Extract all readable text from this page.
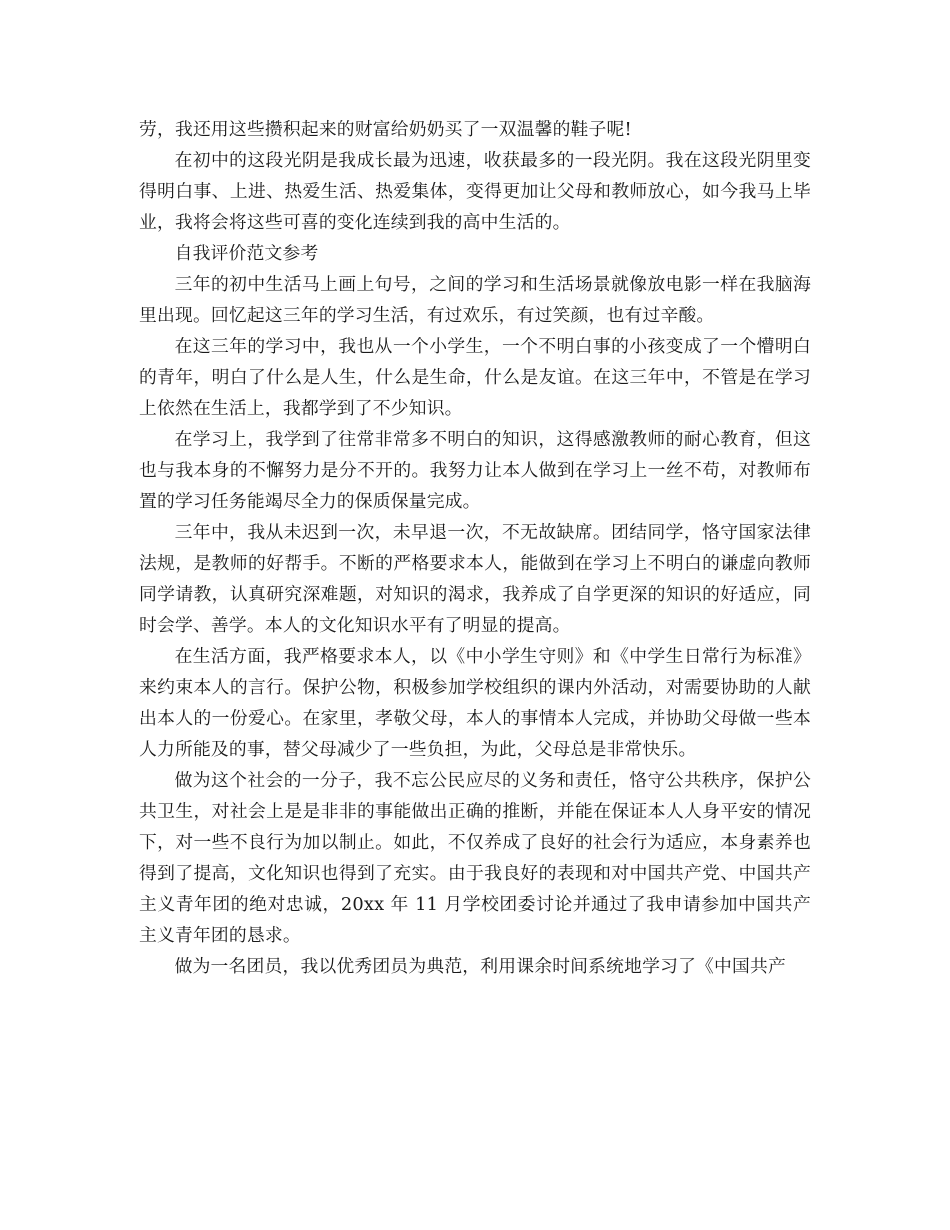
劳，我还用这些攒积起来的财富给奶奶买了一双温馨的鞋子呢!

在初中的这段光阴是我成长最为迅速，收获最多的一段光阴。我在这段光阴里变得明白事、上进、热爱生活、热爱集体，变得更加让父母和教师放心，如今我马上毕业，我将会将这些可喜的变化连续到我的高中生活的。

自我评价范文参考

三年的初中生活马上画上句号，之间的学习和生活场景就像放电影一样在我脑海里出现。回忆起这三年的学习生活，有过欢乐，有过笑颜，也有过辛酸。

在这三年的学习中，我也从一个小学生，一个不明白事的小孩变成了一个懵明白的青年，明白了什么是人生，什么是生命，什么是友谊。在这三年中，不管是在学习上依然在生活上，我都学到了不少知识。

在学习上，我学到了往常非常多不明白的知识，这得感激教师的耐心教育，但这也与我本身的不懈努力是分不开的。我努力让本人做到在学习上一丝不苟，对教师布置的学习任务能竭尽全力的保质保量完成。

三年中，我从未迟到一次，未早退一次，不无故缺席。团结同学，恪守国家法律法规，是教师的好帮手。不断的严格要求本人，能做到在学习上不明白的谦虚向教师同学请教，认真研究深难题，对知识的渴求，我养成了自学更深的知识的好适应，同时会学、善学。本人的文化知识水平有了明显的提高。

在生活方面，我严格要求本人，以《中小学生守则》和《中学生日常行为标准》来约束本人的言行。保护公物，积极参加学校组织的课内外活动，对需要协助的人献出本人的一份爱心。在家里，孝敬父母，本人的事情本人完成，并协助父母做一些本人力所能及的事，替父母减少了一些负担，为此，父母总是非常快乐。

做为这个社会的一分子，我不忘公民应尽的义务和责任，恪守公共秩序，保护公共卫生，对社会上是是非非的事能做出正确的推断，并能在保证本人人身平安的情况下，对一些不良行为加以制止。如此，不仅养成了良好的社会行为适应，本身素养也得到了提高，文化知识也得到了充实。由于我良好的表现和对中国共产党、中国共产主义青年团的绝对忠诚，20xx 年 11 月学校团委讨论并通过了我申请参加中国共产主义青年团的恳求。

做为一名团员，我以优秀团员为典范，利用课余时间系统地学习了《中国共产
